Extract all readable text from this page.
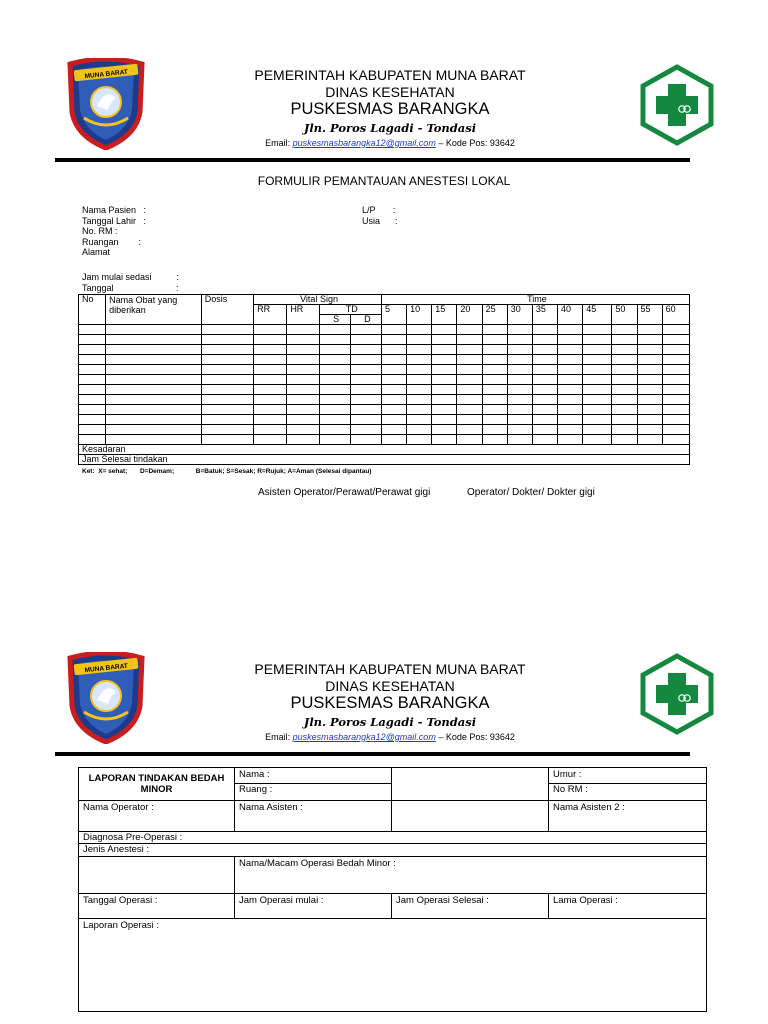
MUNA BARAT	PEMERINTAH KABUPATEN MUNA BARAT
DINAS KESEHATAN
PUSKESMAS BARANGKA
Jln. Poros Lagadi - Tondasi
Email: puskesmasbarangka12@gmail.com – Kode Pos: 93642
FORMULIR PEMANTAUAN ANESTESI LOKAL
Nama Pasien   :
Tanggal Lahir   :
No. RM :
Ruangan        :
Alamat
L/P       :
Usia      :
Jam mulai sedasi          :
Tanggal                         :
No	Nama Obat yang diberikan	Dosis	Vital Sign				Time											
			RR	HR	TD		5	10	15	20	25	30	35	40	45	50	55	60
					S	D												

Kesadaran																		
Jam Selesai tindakan																		
Ket:  X= sehat;       D=Demam;            B=Batuk; S=Sesak; R=Rujuk; A=Aman (Selesai dipantau)
Asisten Operator/Perawat/Perawat gigi	Operator/ Dokter/ Dokter gigi
MUNA BARAT	PEMERINTAH KABUPATEN MUNA BARAT
DINAS KESEHATAN
PUSKESMAS BARANGKA
Jln. Poros Lagadi - Tondasi
Email: puskesmasbarangka12@gmail.com – Kode Pos: 93642
LAPORAN TINDAKAN BEDAH MINOR	Nama :		Umur :
	Ruang :		No RM :
Nama Operator :	Nama Asisten :		Nama Asisten 2 :
Diagnosa Pre-Operasi :			
Jenis Anestesi :			
	Nama/Macam Operasi Bedah Minor :		
Tanggal Operasi :	Jam Operasi mulai :	Jam Operasi Selesai :	Lama Operasi :
Laporan Operasi :			
